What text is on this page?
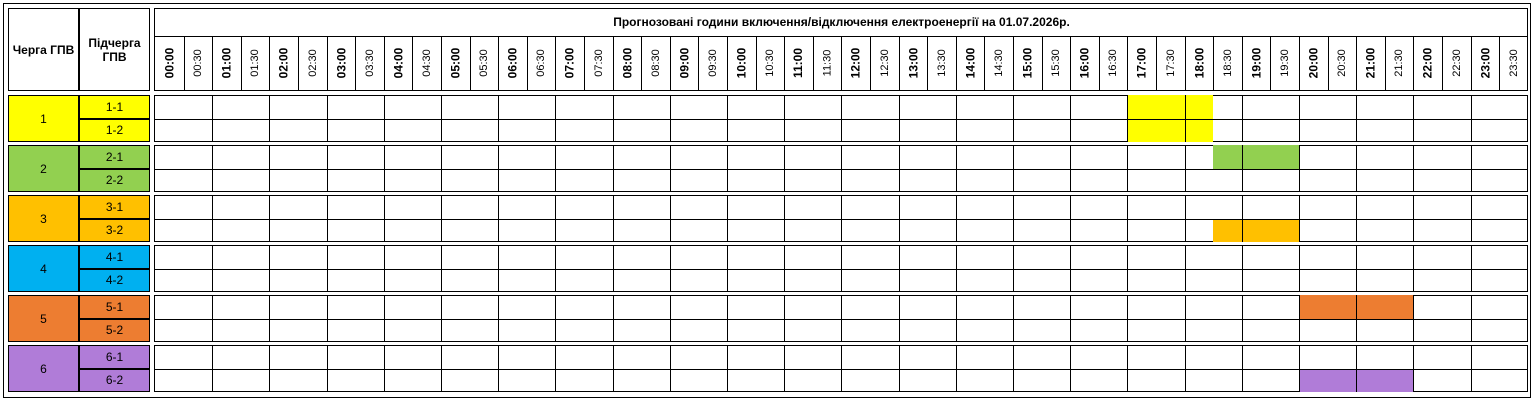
Черга ГПВ	Підчерга ГПВ
Прогнозовані години включення/відключення електроенергії на 01.07.2026р.
00:00 00:30 01:00 01:30 02:00 02:30 03:00 03:30 04:00 04:30 05:00 05:30 06:00 06:30 07:00 07:30 08:00 08:30 09:00 09:30 10:00 10:30 11:00 11:30 12:00 12:30 13:00 13:30 14:00 14:30 15:00 15:30 16:00 16:30 17:00 17:30 18:00 18:30 19:00 19:30 20:00 20:30 21:00 21:30 22:00 22:30 23:00 23:30
1
1-1
1-2
2
2-1
2-2
3
3-1
3-2
4
4-1
4-2
5
5-1
5-2
6
6-1
6-2
